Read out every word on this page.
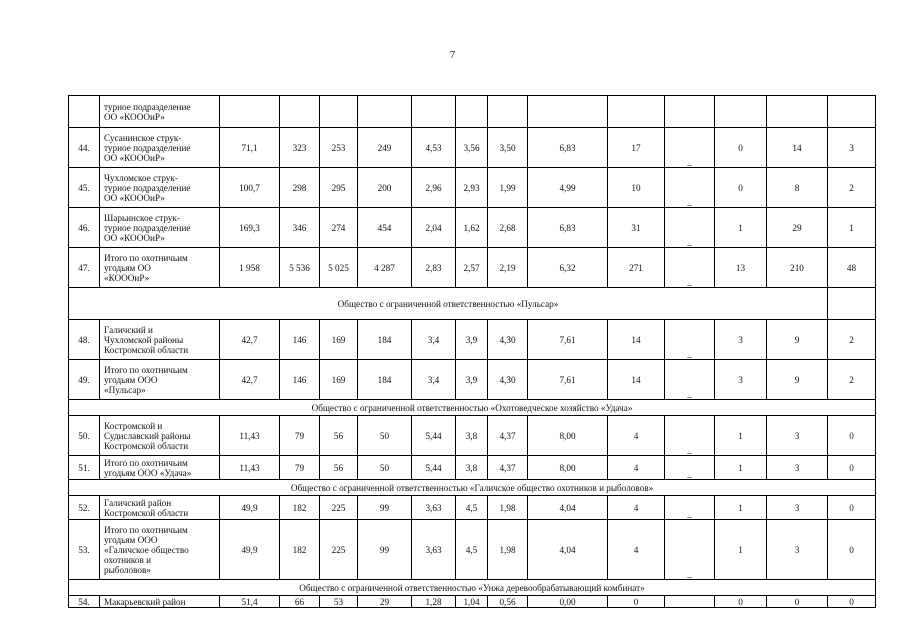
7

	турное подразделение
ОО «КОООиР»													

44.	Сусанинское струк-
турное подразделение
ОО «КОООиР»	71,1	323	253	249	4,53	3,56	3,50	6,83	17	_	0	14	3
45.	Чухломское струк-
турное подразделение
ОО «КОООиР»	100,7	298	295	200	2,96	2,93	1,99	4,99	10	_	0	8	2
46.	Шарьинское струк-
турное подразделение
ОО «КОООиР»	169,3	346	274	454	2,04	1,62	2,68	6,83	31	_	1	29	1
47.	Итого по охотничьим
угодьям ОО
«КОООиР»	1 958	5 536	5 025	4 287	2,83	2,57	2,19	6,32	271	_	13	210	48
Общество с ограниченной ответственностью «Пульсар»														
48.	Галичский и
Чухломской районы
Костромской области	42,7	146	169	184	3,4	3,9	4,30	7,61	14	_	3	9	2
49.	Итого по охотничьим
угодьям ООО
«Пульсар»	42,7	146	169	184	3,4	3,9	4,30	7,61	14	_	3	9	2
Общество с ограниченной ответственностью «Охотоведческое хозяйство «Удача»														
50.	Костромской и
Судиславский районы
Костромской области	11,43	79	56	50	5,44	3,8	4,37	8,00	4	_	1	3	0
51.	Итого по охотничьим
угодьям ООО «Удача»	11,43	79	56	50	5,44	3,8	4,37	8,00	4	_	1	3	0
Общество с ограниченной ответственностью «Галичское общество охотников и рыболовов»														
52.	Галичский район
Костромской области	49,9	182	225	99	3,63	4,5	1,98	4,04	4	_	1	3	0
53.	Итого по охотничьим
угодьям ООО
«Галичское общество
охотников и
рыболовов»	49,9	182	225	99	3,63	4,5	1,98	4,04	4	_	1	3	0
Общество с ограниченной ответственностью «Унжа деревообрабатывающий комбинат»														
54.	Макарьевский район	51,4	66	53	29	1,28	1,04	0,56	0,00	0		0	0	0
